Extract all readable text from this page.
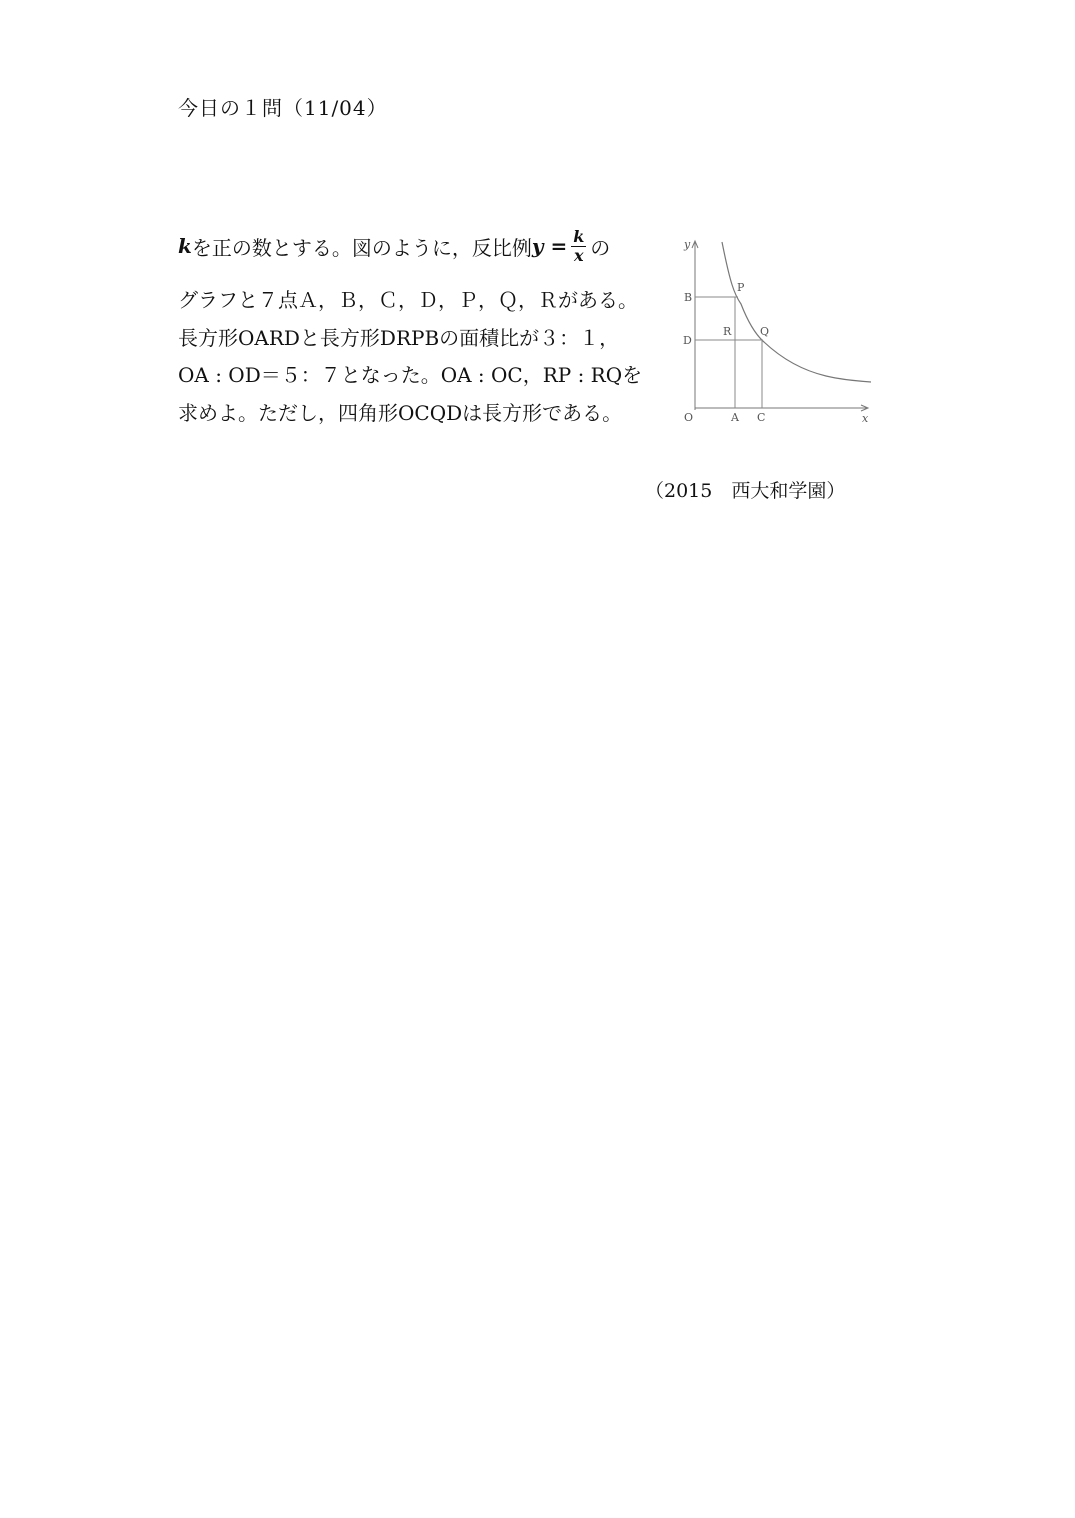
今日の１問（11/04）
k を正の数とする。図のように，反比例 $y = \frac{k}{x}$ の
グラフと７点Ａ，Ｂ，Ｃ，Ｄ，Ｐ，Ｑ，Ｒがある。
長方形OARDと長方形DRPBの面積比が３：１，
OA : OD＝５：７となった。OA : OC，RP : RQを
求めよ。ただし，四角形OCQDは長方形である。
y
x
O	A C
B
D
P
Q
R
（2015　西大和学園）
